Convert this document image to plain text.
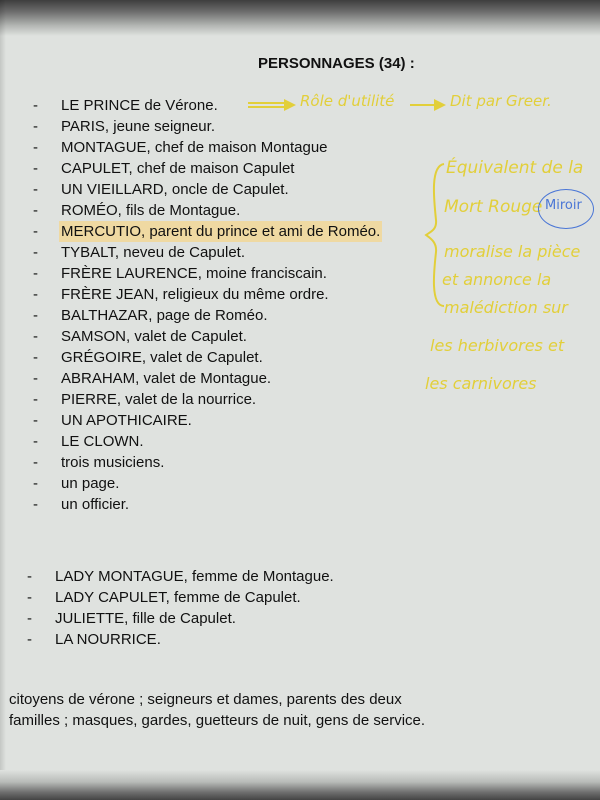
PERSONNAGES (34) :
- LE PRINCE de Vérone.
- PARIS, jeune seigneur.
- MONTAGUE, chef de maison Montague
- CAPULET, chef de maison Capulet
- UN VIEILLARD, oncle de Capulet.
- ROMÉO, fils de Montague.
- MERCUTIO, parent du prince et ami de Roméo.
- TYBALT, neveu de Capulet.
- FRÈRE LAURENCE, moine franciscain.
- FRÈRE JEAN, religieux du même ordre.
- BALTHAZAR, page de Roméo.
- SAMSON, valet de Capulet.
- GRÉGOIRE, valet de Capulet.
- ABRAHAM, valet de Montague.
- PIERRE, valet de la nourrice.
- UN APOTHICAIRE.
- LE CLOWN.
- trois musiciens.
- un page.
- un officier.
- LADY MONTAGUE, femme de Montague.
- LADY CAPULET, femme de Capulet.
- JULIETTE, fille de Capulet.
- LA NOURRICE.

citoyens de vérone ; seigneurs et dames, parents des deux familles ; masques, gardes, guetteurs de nuit, gens de service.

Rôle d'utilité	Dit par Greer.
Équivalent de la
Mort Rouge Miroir
moralise la pièce
et annonce la
malédiction sur
les herbivores et
les carnivores
